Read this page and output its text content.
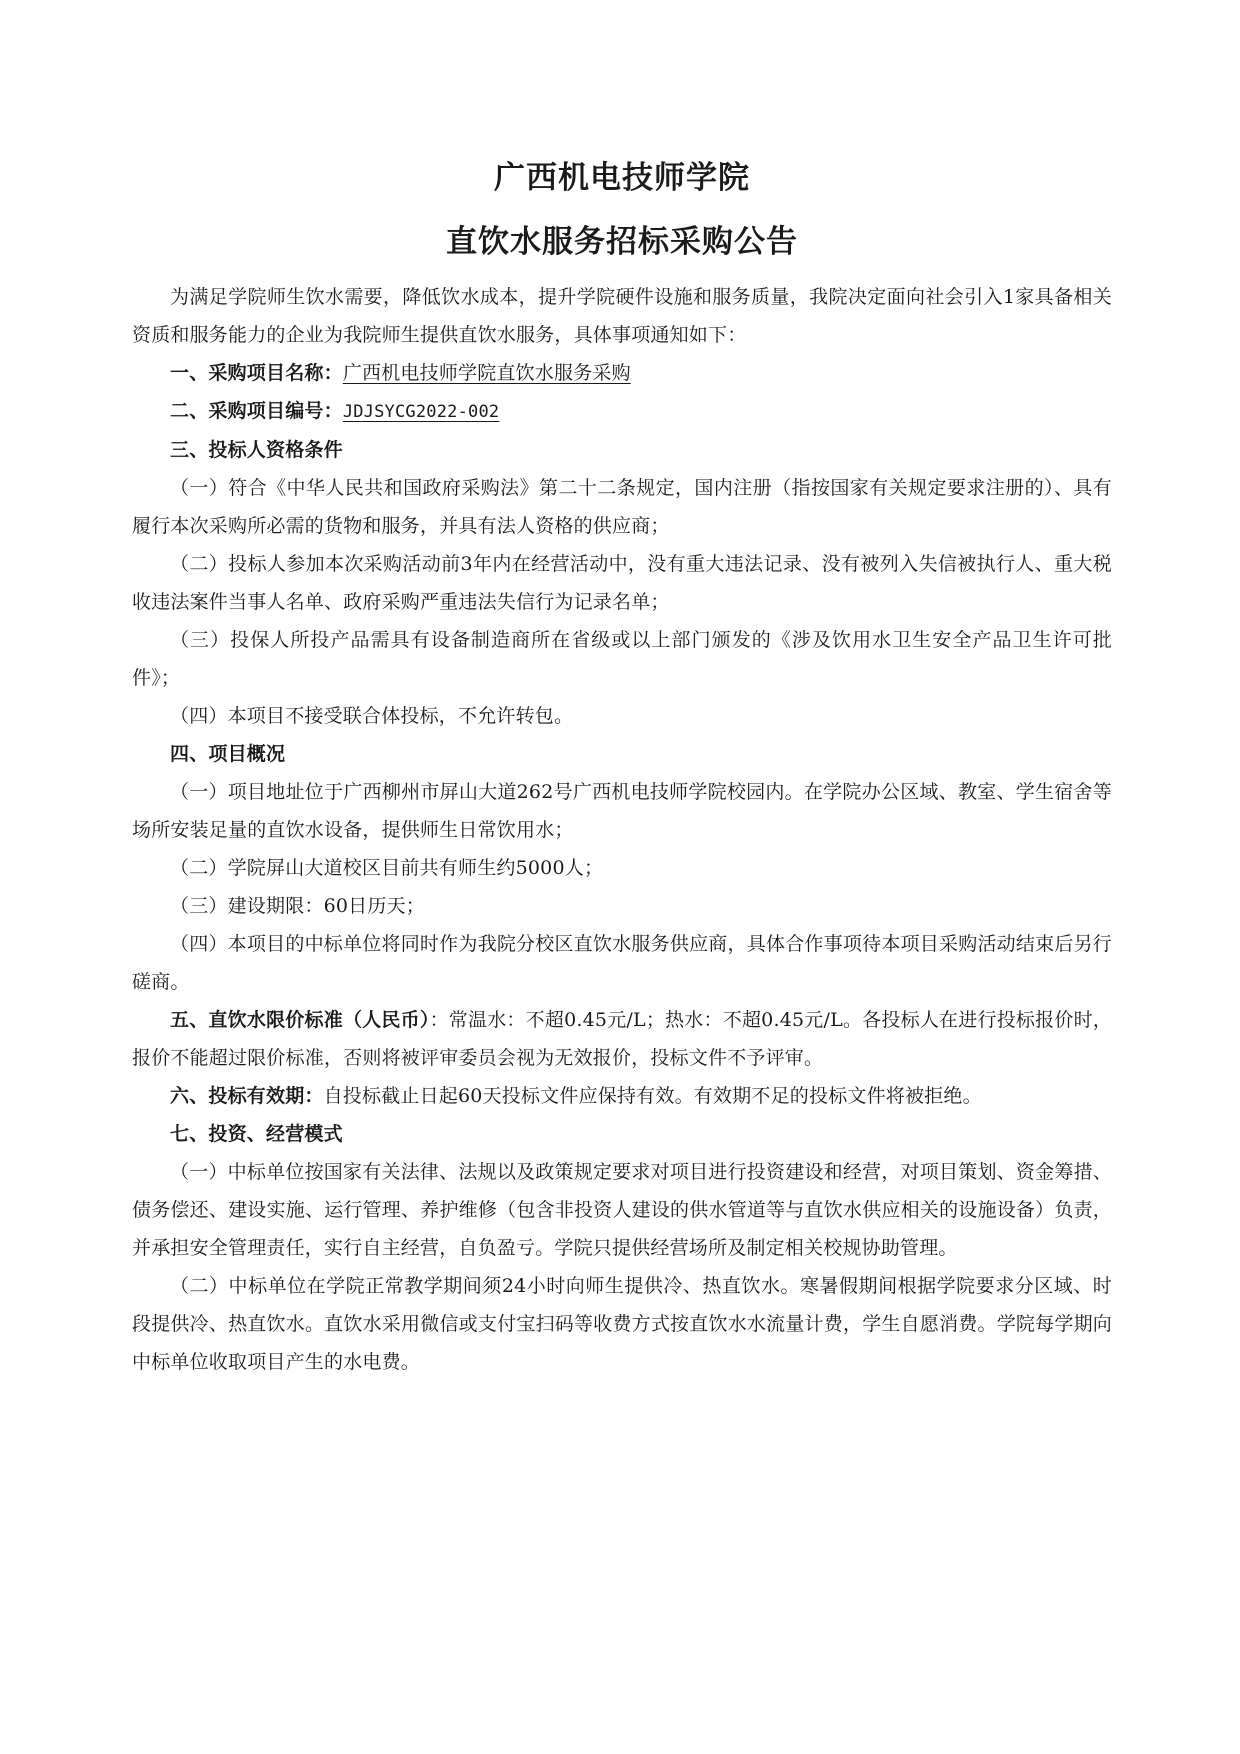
广西机电技师学院
直饮水服务招标采购公告

为满足学院师生饮水需要，降低饮水成本，提升学院硬件设施和服务质量，我院决定面向社会引入1家具备相关资质和服务能力的企业为我院师生提供直饮水服务，具体事项通知如下：

一、采购项目名称：广西机电技师学院直饮水服务采购

二、采购项目编号：JDJSYCG2022-002

三、投标人资格条件

（一）符合《中华人民共和国政府采购法》第二十二条规定，国内注册（指按国家有关规定要求注册的）、具有履行本次采购所必需的货物和服务，并具有法人资格的供应商；

（二）投标人参加本次采购活动前3年内在经营活动中，没有重大违法记录、没有被列入失信被执行人、重大税收违法案件当事人名单、政府采购严重违法失信行为记录名单；

（三）投保人所投产品需具有设备制造商所在省级或以上部门颁发的《涉及饮用水卫生安全产品卫生许可批件》；

（四）本项目不接受联合体投标，不允许转包。

四、项目概况

（一）项目地址位于广西柳州市屏山大道262号广西机电技师学院校园内。在学院办公区域、教室、学生宿舍等场所安装足量的直饮水设备，提供师生日常饮用水；

（二）学院屏山大道校区目前共有师生约5000人；

（三）建设期限：60日历天；

（四）本项目的中标单位将同时作为我院分校区直饮水服务供应商，具体合作事项待本项目采购活动结束后另行磋商。

五、直饮水限价标准（人民币）：常温水：不超0.45元/L；热水：不超0.45元/L。各投标人在进行投标报价时，报价不能超过限价标准，否则将被评审委员会视为无效报价，投标文件不予评审。

六、投标有效期：自投标截止日起60天投标文件应保持有效。有效期不足的投标文件将被拒绝。

七、投资、经营模式

（一）中标单位按国家有关法律、法规以及政策规定要求对项目进行投资建设和经营，对项目策划、资金筹措、债务偿还、建设实施、运行管理、养护维修（包含非投资人建设的供水管道等与直饮水供应相关的设施设备）负责，并承担安全管理责任，实行自主经营，自负盈亏。学院只提供经营场所及制定相关校规协助管理。

（二）中标单位在学院正常教学期间须24小时向师生提供冷、热直饮水。寒暑假期间根据学院要求分区域、时段提供冷、热直饮水。直饮水采用微信或支付宝扫码等收费方式按直饮水水流量计费，学生自愿消费。学院每学期向中标单位收取项目产生的水电费。
